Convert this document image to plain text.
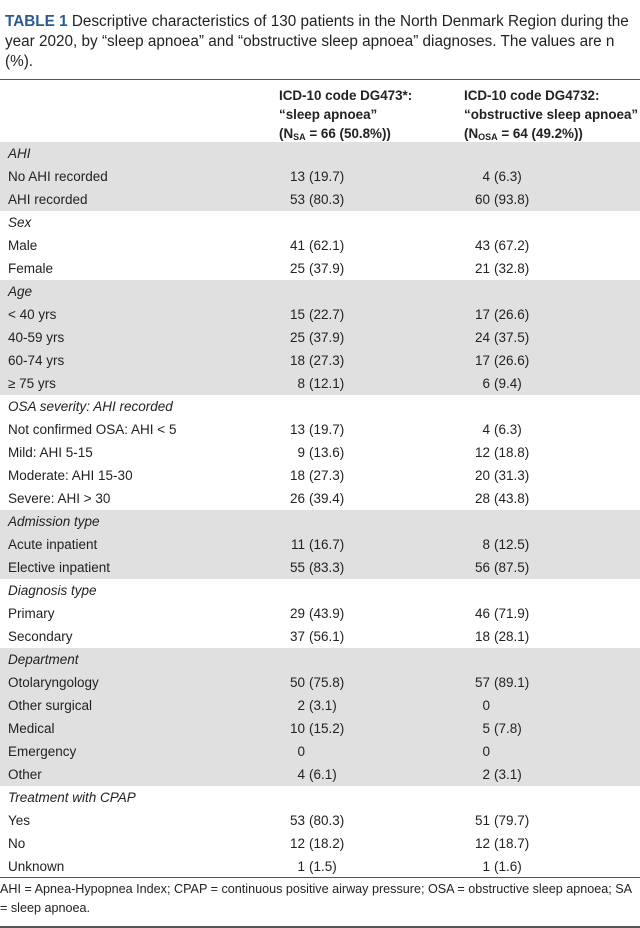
TABLE 1 Descriptive characteristics of 130 patients in the North Denmark Region during the year 2020, by “sleep apnoea” and “obstructive sleep apnoea” diagnoses. The values are n (%).
ICD-10 code DG473*:
“sleep apnoea”
($N_{SA} = 66$ (50.8%))
ICD-10 code DG4732:
“obstructive sleep apnoea”
($N_{OSA} = 64$ (49.2%))
AHI
No AHI recorded	13 (19.7)	4 (6.3)
AHI recorded	53 (80.3)	60 (93.8)
Sex
Male	41 (62.1)	43 (67.2)
Female	25 (37.9)	21 (32.8)
Age
< 40 yrs	15 (22.7)	17 (26.6)
40-59 yrs	25 (37.9)	24 (37.5)
60-74 yrs	18 (27.3)	17 (26.6)
≥ 75 yrs	8 (12.1)	6 (9.4)
OSA severity: AHI recorded
Not confirmed OSA: AHI < 5	13 (19.7)	4 (6.3)
Mild: AHI 5-15	9 (13.6)	12 (18.8)
Moderate: AHI 15-30	18 (27.3)	20 (31.3)
Severe: AHI > 30	26 (39.4)	28 (43.8)
Admission type
Acute inpatient	11 (16.7)	8 (12.5)
Elective inpatient	55 (83.3)	56 (87.5)
Diagnosis type
Primary	29 (43.9)	46 (71.9)
Secondary	37 (56.1)	18 (28.1)
Department
Otolaryngology	50 (75.8)	57 (89.1)
Other surgical	2 (3.1)	0
Medical	10 (15.2)	5 (7.8)
Emergency	0	0
Other	4 (6.1)	2 (3.1)
Treatment with CPAP
Yes	53 (80.3)	51 (79.7)
No	12 (18.2)	12 (18.7)
Unknown	1 (1.5)	1 (1.6)
AHI = Apnea-Hypopnea Index; CPAP = continuous positive airway pressure; OSA = obstructive sleep apnoea; SA = sleep apnoea.
